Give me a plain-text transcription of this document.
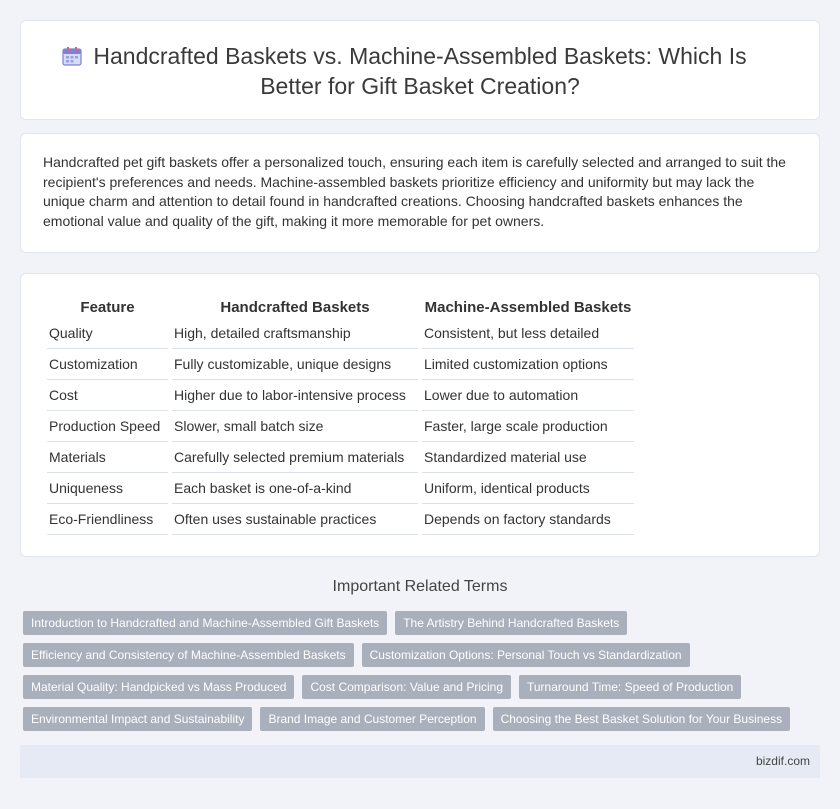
Handcrafted Baskets vs. Machine-Assembled Baskets: Which Is Better for Gift Basket Creation?

Handcrafted pet gift baskets offer a personalized touch, ensuring each item is carefully selected and arranged to suit the recipient's preferences and needs. Machine-assembled baskets prioritize efficiency and uniformity but may lack the unique charm and attention to detail found in handcrafted creations. Choosing handcrafted baskets enhances the emotional value and quality of the gift, making it more memorable for pet owners.

Feature	Handcrafted Baskets	Machine-Assembled Baskets
Quality	High, detailed craftsmanship	Consistent, but less detailed
Customization	Fully customizable, unique designs	Limited customization options
Cost	Higher due to labor-intensive process	Lower due to automation
Production Speed	Slower, small batch size	Faster, large scale production
Materials	Carefully selected premium materials	Standardized material use
Uniqueness	Each basket is one-of-a-kind	Uniform, identical products
Eco-Friendliness	Often uses sustainable practices	Depends on factory standards
Important Related Terms
Introduction to Handcrafted and Machine-Assembled Gift Baskets	The Artistry Behind Handcrafted Baskets
Efficiency and Consistency of Machine-Assembled Baskets	Customization Options: Personal Touch vs Standardization
Material Quality: Handpicked vs Mass Produced	Cost Comparison: Value and Pricing	Turnaround Time: Speed of Production
Environmental Impact and Sustainability	Brand Image and Customer Perception	Choosing the Best Basket Solution for Your Business
bizdif.com
